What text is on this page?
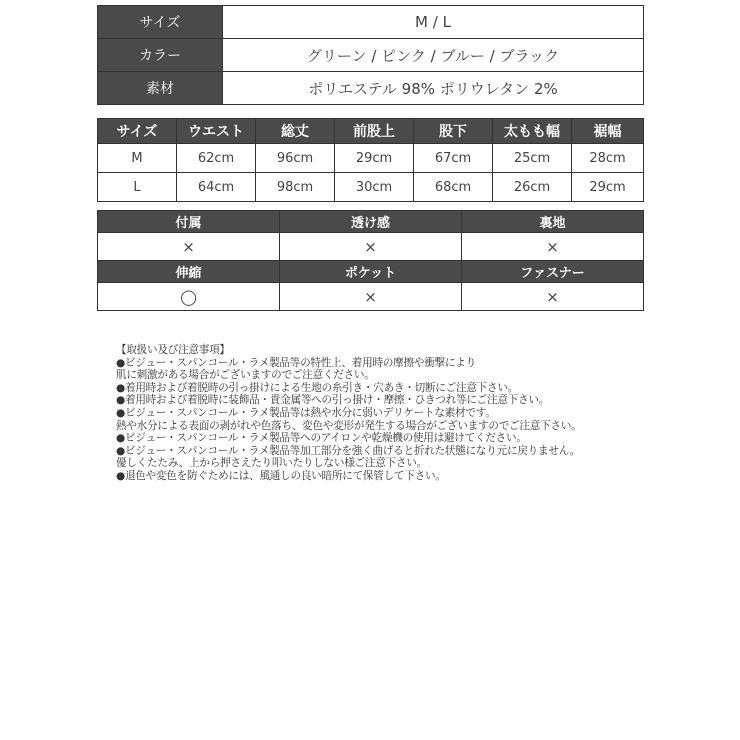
サイズ	M / L
カラー	グリーン / ピンク / ブルー / ブラック
素材	ポリエステル 98% ポリウレタン 2%
サイズ	ウエスト	総丈	前股上	股下	太もも幅	裾幅
M	62cm	96cm	29cm	67cm	25cm	28cm
L	64cm	98cm	30cm	68cm	26cm	29cm
付属	透け感	裏地
×	×	×
伸縮	ポケット	ファスナー
◯	×	×
【取扱い及び注意事項】
●ビジュー・スパンコール・ラメ製品等の特性上、着用時の摩擦や衝撃により
肌に刺激がある場合がございますのでご注意ください。
●着用時および着脱時の引っ掛けによる生地の糸引き・穴あき・切断にご注意下さい。
●着用時および着脱時に装飾品・貴金属等への引っ掛け・摩擦・ひきつれ等にご注意下さい。
●ビジュー・スパンコール・ラメ製品等は熱や水分に弱いデリケートな素材です。
熱や水分による表面の剥がれや色落ち、変色や変形が発生する場合がございますのでご注意下さい。
●ビジュー・スパンコール・ラメ製品等へのアイロンや乾燥機の使用は避けてください。
●ビジュー・スパンコール・ラメ製品等加工部分を強く曲げると折れた状態になり元に戻りません。
優しくたたみ、上から押さえたり叩いたりしない様ご注意下さい。
●退色や変色を防ぐためには、風通しの良い暗所にて保管して下さい。
